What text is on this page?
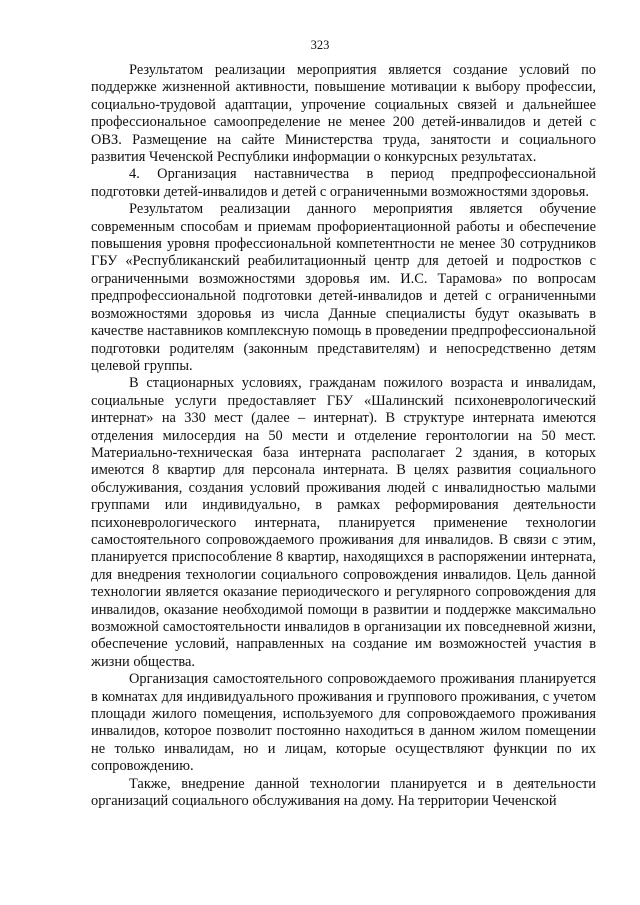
323

Результатом реализации мероприятия является создание условий по поддержке жизненной активности, повышение мотивации к выбору профессии, социально-трудовой адаптации, упрочение социальных связей и дальнейшее профессиональное самоопределение не менее 200 детей-инвалидов и детей с ОВЗ. Размещение на сайте Министерства труда, занятости и социального развития Чеченской Республики информации о конкурсных результатах.

4. Организация наставничества в период предпрофессиональной подготовки детей-инвалидов и детей с ограниченными возможностями здоровья.

Результатом реализации данного мероприятия является обучение современным способам и приемам профориентационной работы и обеспечение повышения уровня профессиональной компетентности не менее 30 сотрудников ГБУ «Республиканский реабилитационный центр для детоей и подростков с ограниченными возможностями здоровья им. И.С. Тарамова» по вопросам предпрофессиональной подготовки детей-инвалидов и детей с ограниченными возможностями здоровья из числа Данные специалисты будут оказывать в качестве наставников комплексную помощь в проведении предпрофессиональной подготовки родителям (законным представителям) и непосредственно детям целевой группы.

В стационарных условиях, гражданам пожилого возраста и инвалидам, социальные услуги предоставляет ГБУ «Шалинский психоневрологический интернат» на 330 мест (далее – интернат). В структуре интерната имеются отделения милосердия на 50 мести и отделение геронтологии на 50 мест. Материально-техническая база интерната располагает 2 здания, в которых имеются 8 квартир для персонала интерната. В целях развития социального обслуживания, создания условий проживания людей с инвалидностью малыми группами или индивидуально, в рамках реформирования деятельности психоневрологического интерната, планируется применение технологии самостоятельного сопровождаемого проживания для инвалидов. В связи с этим, планируется приспособление 8 квартир, находящихся в распоряжении интерната, для внедрения технологии социального сопровождения инвалидов. Цель данной технологии является оказание периодического и регулярного сопровождения для инвалидов, оказание необходимой помощи в развитии и поддержке максимально возможной самостоятельности инвалидов в организации их повседневной жизни, обеспечение условий, направленных на создание им возможностей участия в жизни общества.

Организация самостоятельного сопровождаемого проживания планируется в комнатах для индивидуального проживания и группового проживания, с учетом площади жилого помещения, используемого для сопровождаемого проживания инвалидов, которое позволит постоянно находиться в данном жилом помещении не только инвалидам, но и лицам, которые осуществляют функции по их сопровождению.

Также, внедрение данной технологии планируется и в деятельности организаций социального обслуживания на дому. На территории Чеченской
